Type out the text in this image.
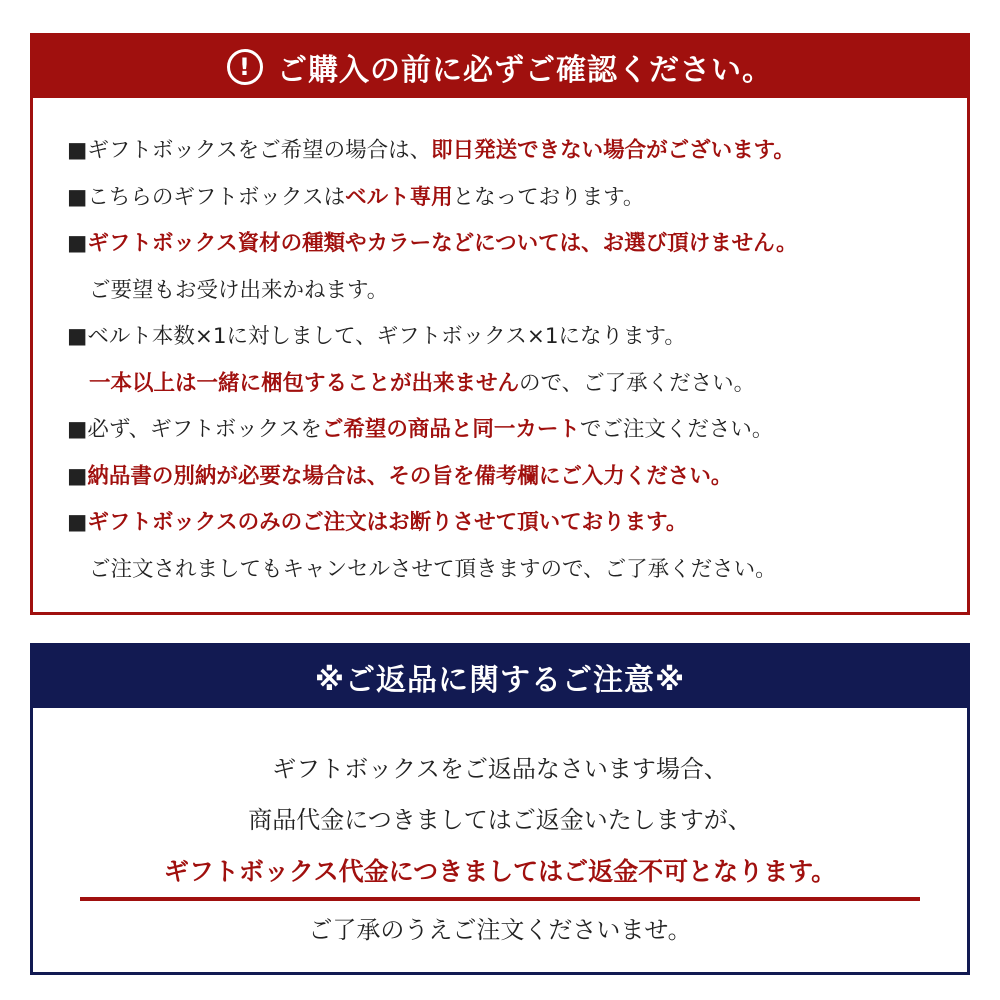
! ご購入の前に必ずご確認ください。
■ギフトボックスをご希望の場合は、即日発送できない場合がございます。
■こちらのギフトボックスはベルト専用となっております。
■ギフトボックス資材の種類やカラーなどについては、お選び頂けません。
ご要望もお受け出来かねます。
■ベルト本数×1に対しまして、ギフトボックス×1になります。
一本以上は一緒に梱包することが出来ませんので、ご了承ください。
■必ず、ギフトボックスをご希望の商品と同一カートでご注文ください。
■納品書の別納が必要な場合は、その旨を備考欄にご入力ください。
■ギフトボックスのみのご注文はお断りさせて頂いております。
ご注文されましてもキャンセルさせて頂きますので、ご了承ください。
※ご返品に関するご注意※
ギフトボックスをご返品なさいます場合、
商品代金につきましてはご返金いたしますが、
ギフトボックス代金につきましてはご返金不可となります。
ご了承のうえご注文くださいませ。
